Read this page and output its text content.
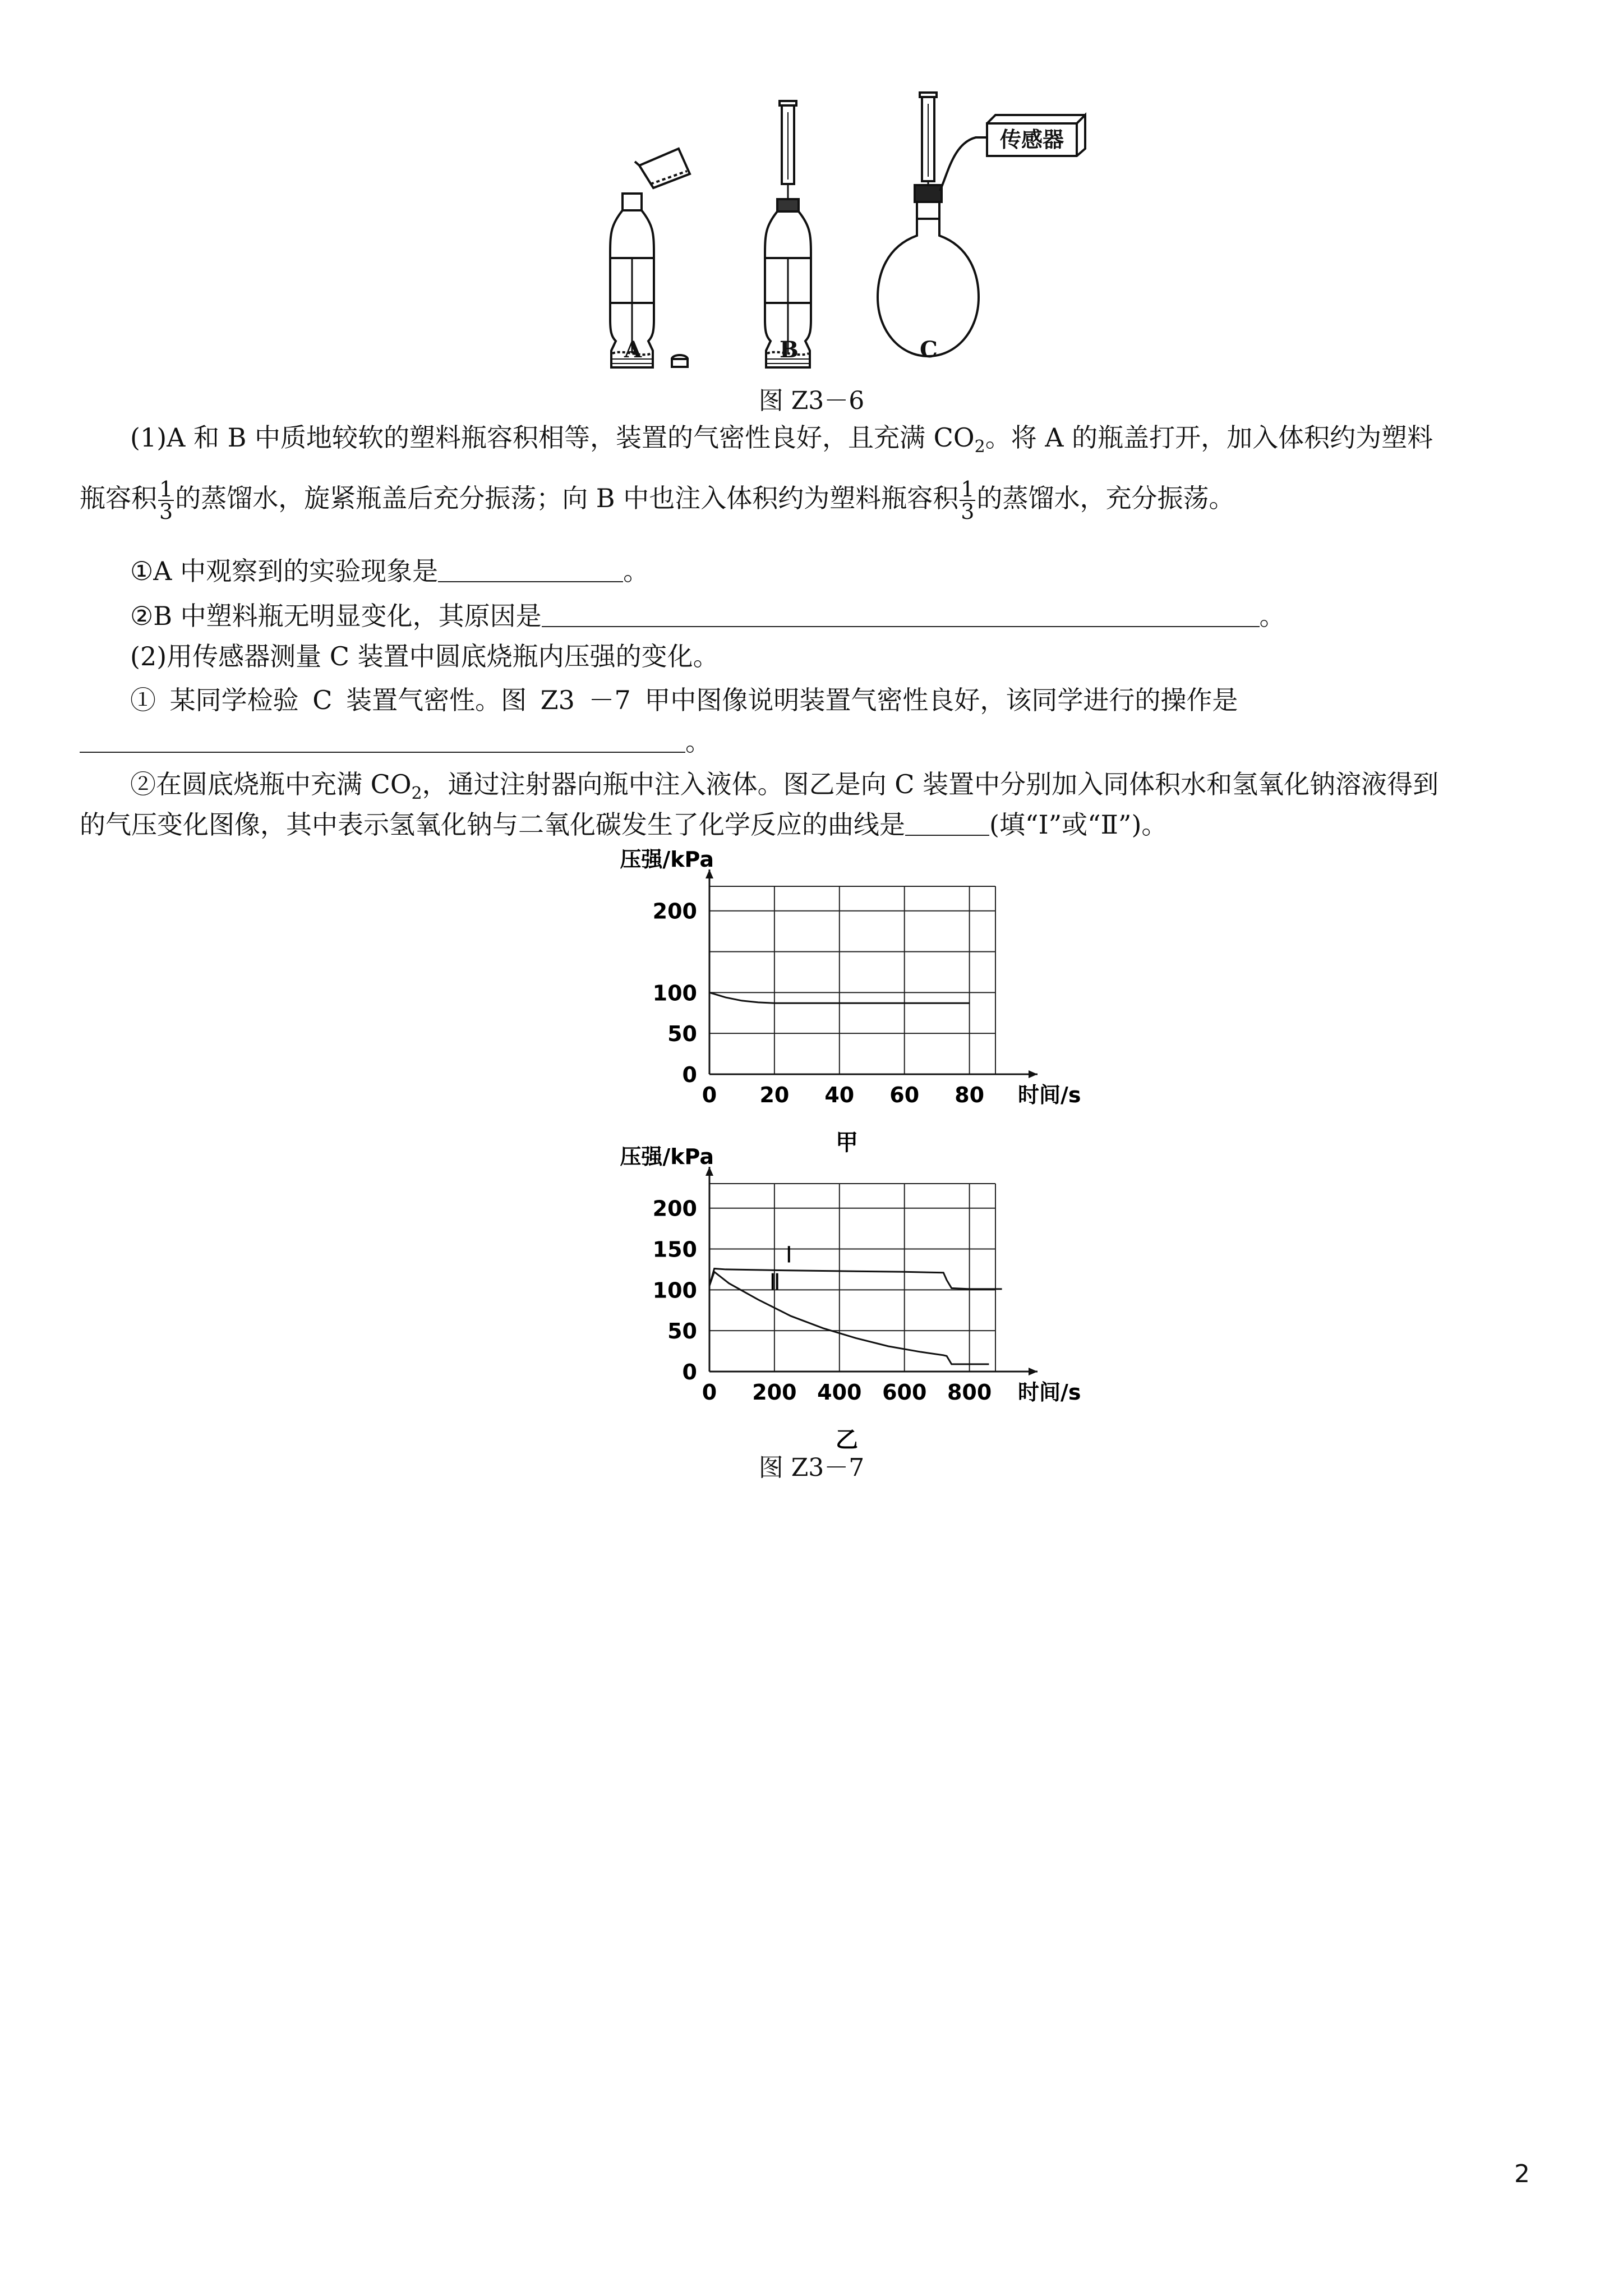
传感器
A	B	C
图 Z3－6
(1)A 和 B 中质地较软的塑料瓶容积相等，装置的气密性良好，且充满 $CO_2$。将 A 的瓶盖打开，加入体积约为塑料
瓶容积 $\frac{1}{3}$ 的蒸馏水，旋紧瓶盖后充分振荡；向 B 中也注入体积约为塑料瓶容积 $\frac{1}{3}$ 的蒸馏水，充分振荡。
①A 中观察到的实验现象是	。
②B 中塑料瓶无明显变化，其原因是	。
(2)用传感器测量 C 装置中圆底烧瓶内压强的变化。
① 某同学检验 C 装置气密性。图 Z3 －7 甲中图像说明装置气密性良好，该同学进行的操作是
。
②在圆底烧瓶中充满 $CO_2$，通过注射器向瓶中注入液体。图乙是向 C 装置中分别加入同体积水和氢氧化钠溶液得到
的气压变化图像，其中表示氢氧化钠与二氧化碳发生了化学反应的曲线是	(填“Ⅰ”或“Ⅱ”)。
压强/kPa
时间/s
0
50
100
200
0 20 40 60 80
甲
压强/kPa
时间/s
0
50
100
150
200
0 200 400 600 800
Ⅰ
Ⅱ
乙
图 Z3－7
2
